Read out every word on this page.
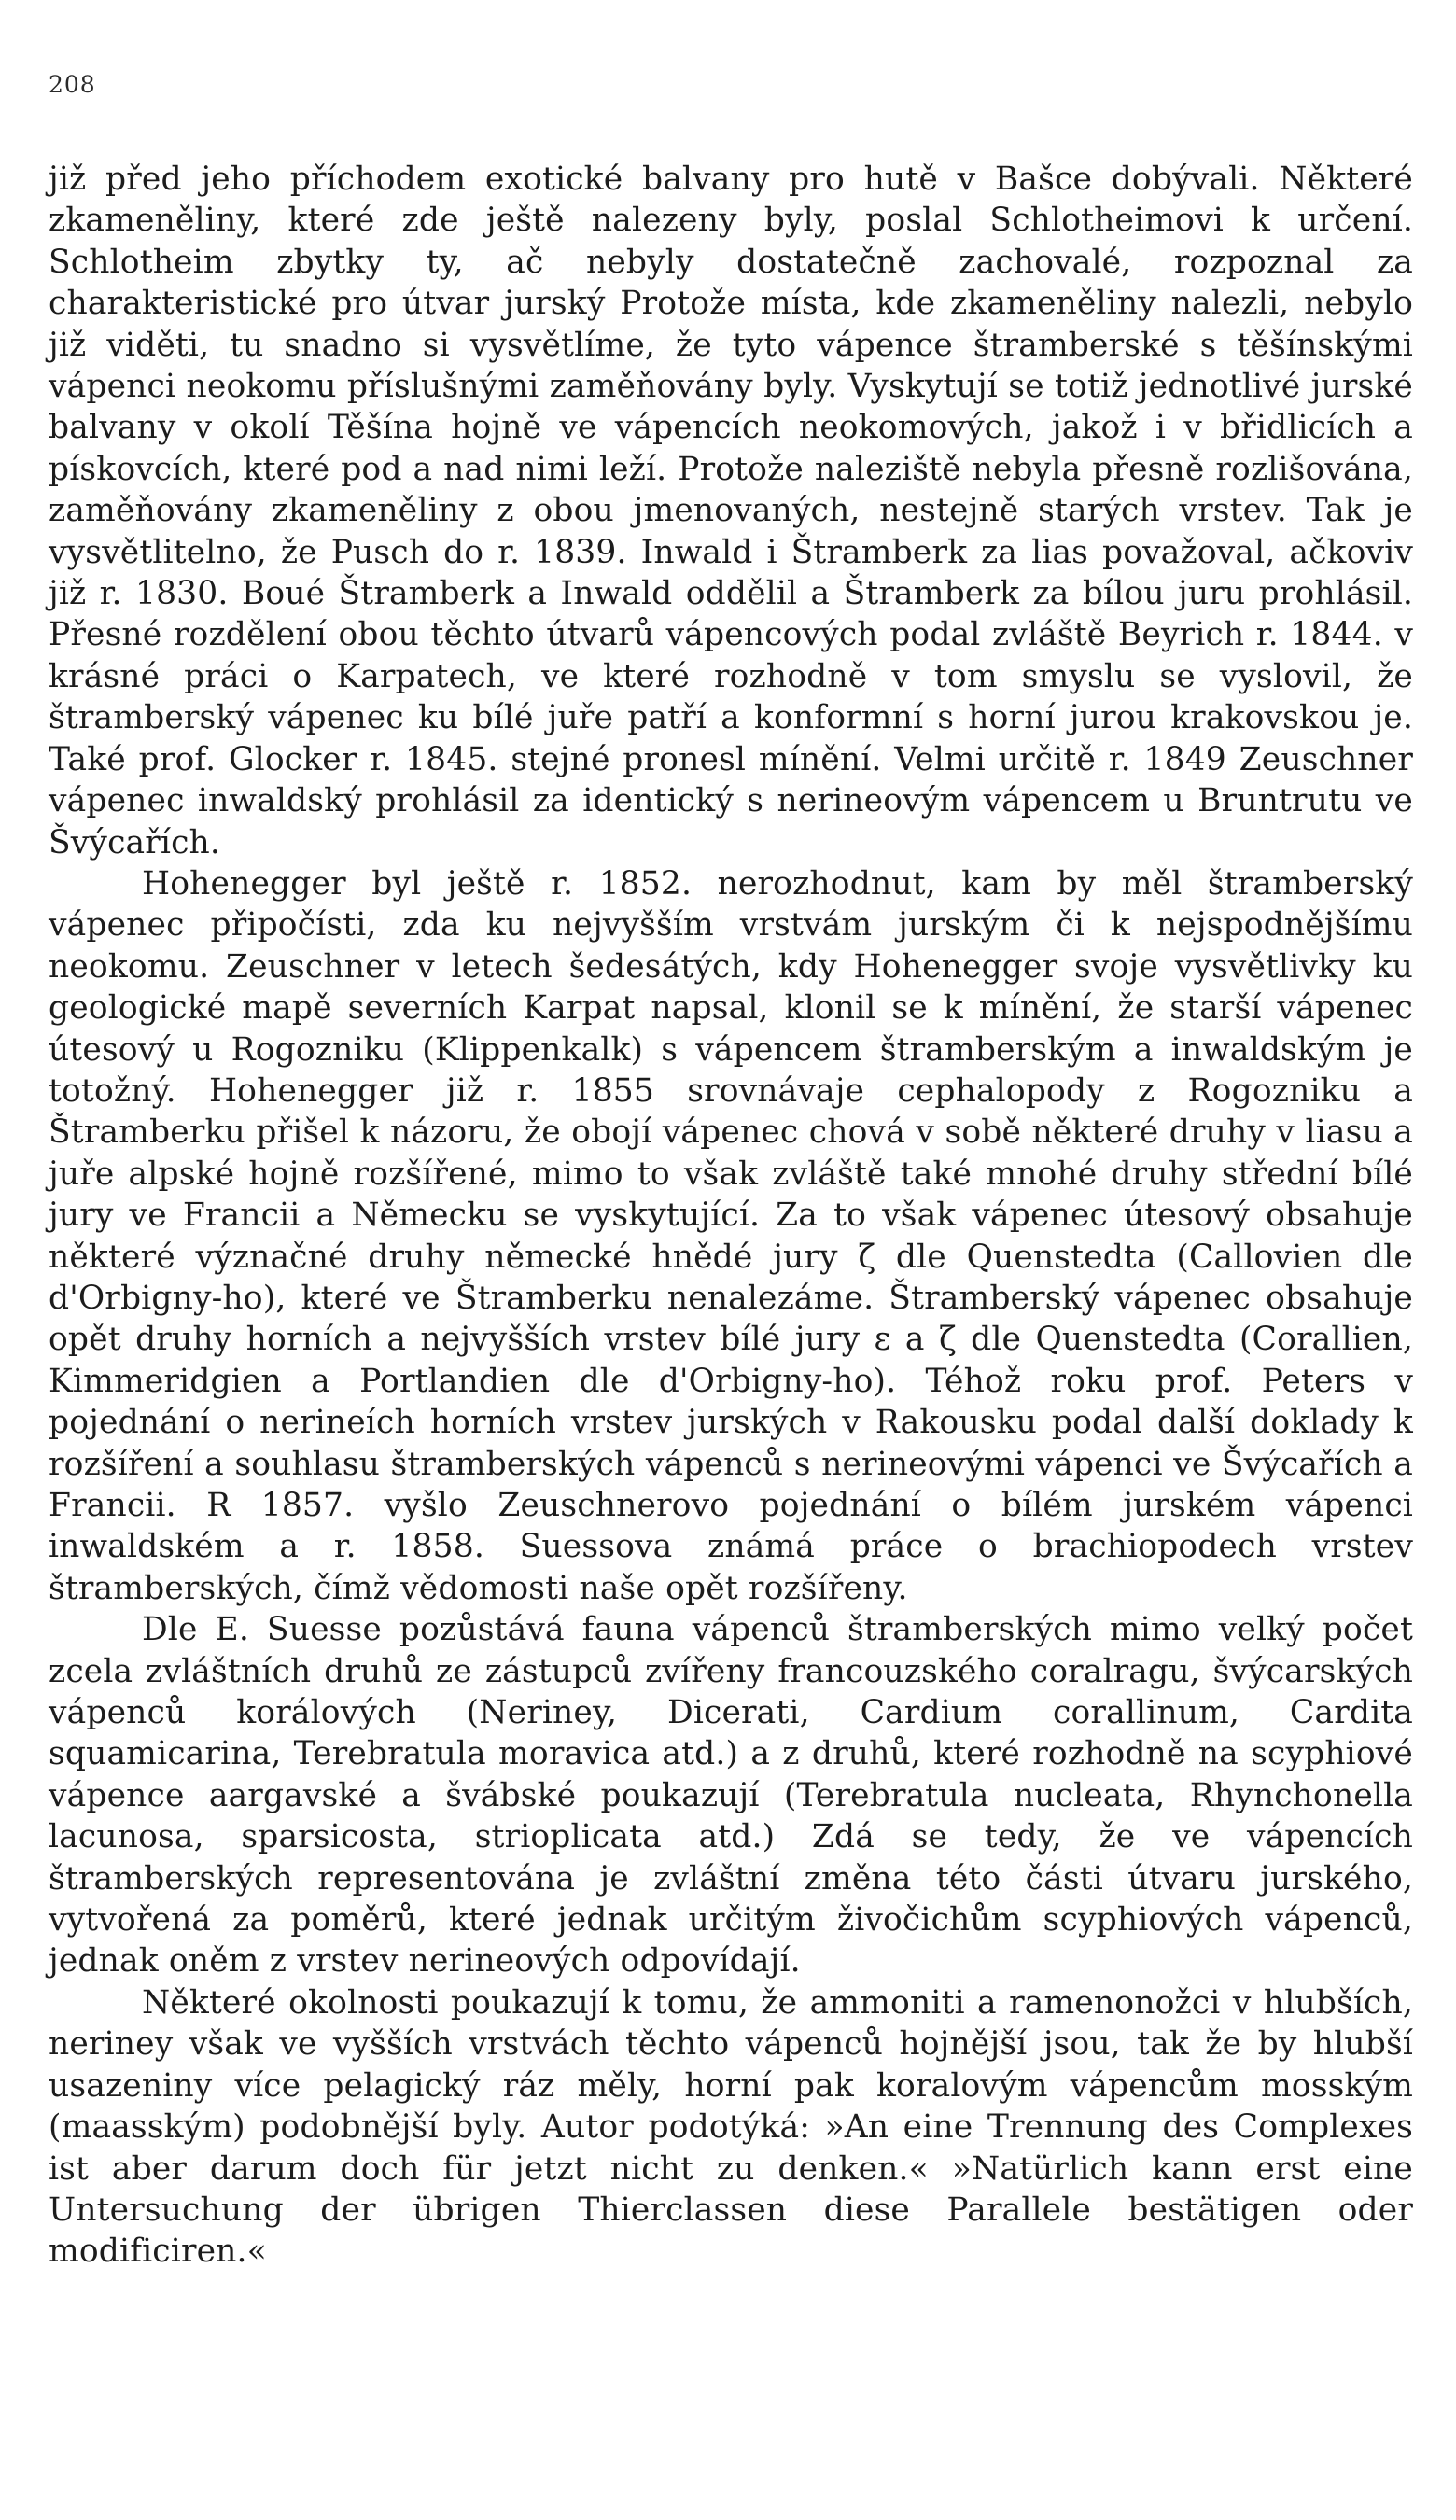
208

již před jeho příchodem exotické balvany pro hutě v Bašce dobývali. Některé zkameněliny, které zde ještě nalezeny byly, poslal Schlotheimovi k určení. Schlotheim zbytky ty, ač nebyly dostatečně zachovalé, rozpoznal za charakteristické pro útvar jurský Protože místa, kde zkameněliny nalezli, nebylo již viděti, tu snadno si vysvětlíme, že tyto vápence štramberské s těšínskými vápenci neokomu příslušnými zaměňovány byly. Vyskytují se totiž jednotlivé jurské balvany v okolí Těšína hojně ve vápencích neokomových, jakož i v břidlicích a pískovcích, které pod a nad nimi leží. Protože naleziště nebyla přesně rozlišována, zaměňovány zkameněliny z obou jmenovaných, nestejně starých vrstev. Tak je vysvětlitelno, že Pusch do r. 1839. Inwald i Štramberk za lias považoval, ačkoviv již r. 1830. Boué Štramberk a Inwald oddělil a Štramberk za bílou juru prohlásil. Přesné rozdělení obou těchto útvarů vápencových podal zvláště Beyrich r. 1844. v krásné práci o Karpatech, ve které rozhodně v tom smyslu se vyslovil, že štramberský vápenec ku bílé juře patří a konformní s horní jurou krakovskou je. Také prof. Glocker r. 1845. stejné pronesl mínění. Velmi určitě r. 1849 Zeuschner vápenec inwaldský prohlásil za identický s nerineovým vápencem u Bruntrutu ve Švýcařích.

Hohenegger byl ještě r. 1852. nerozhodnut, kam by měl štramberský vápenec připočísti, zda ku nejvyšším vrstvám jurským či k nejspodnějšímu neokomu. Zeuschner v letech šedesátých, kdy Hohenegger svoje vysvětlivky ku geologické mapě severních Karpat napsal, klonil se k mínění, že starší vápenec útesový u Rogozniku (Klippenkalk) s vápencem štramberským a inwaldským je totožný. Hohenegger již r. 1855 srovnávaje cephalopody z Rogozniku a Štramberku přišel k názoru, že obojí vápenec chová v sobě některé druhy v liasu a juře alpské hojně rozšířené, mimo to však zvláště také mnohé druhy střední bílé jury ve Francii a Německu se vyskytující. Za to však vápenec útesový obsahuje některé význačné druhy německé hnědé jury ζ dle Quenstedta (Callovien dle d'Orbigny-ho), které ve Štramberku nenalezáme. Štramberský vápenec obsahuje opět druhy horních a nejvyšších vrstev bílé jury ε a ζ dle Quenstedta (Corallien, Kimmeridgien a Portlandien dle d'Orbigny-ho). Téhož roku prof. Peters v pojednání o nerineích horních vrstev jurských v Rakousku podal další doklady k rozšíření a souhlasu štramberských vápenců s nerineovými vápenci ve Švýcařích a Francii. R 1857. vyšlo Zeuschnerovo pojednání o bílém jurském vápenci inwaldském a r. 1858. Suessova známá práce o brachiopodech vrstev štramberských, čímž vědomosti naše opět rozšířeny.

Dle E. Suesse pozůstává fauna vápenců štramberských mimo velký počet zcela zvláštních druhů ze zástupců zvířeny francouzského coralragu, švýcarských vápenců korálových (Neriney, Dicerati, Cardium corallinum, Cardita squamicarina, Terebratula moravica atd.) a z druhů, které rozhodně na scyphiové vápence aargavské a švábské poukazují (Terebratula nucleata, Rhynchonella lacunosa, sparsicosta, strioplicata atd.) Zdá se tedy, že ve vápencích štramberských representována je zvláštní změna této části útvaru jurského, vytvořená za poměrů, které jednak určitým živočichům scyphiových vápenců, jednak oněm z vrstev nerineových odpovídají.

Některé okolnosti poukazují k tomu, že ammoniti a ramenonožci v hlubších, neriney však ve vyšších vrstvách těchto vápenců hojnější jsou, tak že by hlubší usazeniny více pelagický ráz měly, horní pak koralovým vápencům mosským (maasským) podobnější byly. Autor podotýká: »An eine Trennung des Complexes ist aber darum doch für jetzt nicht zu denken.« »Natürlich kann erst eine Untersuchung der übrigen Thierclassen diese Parallele bestätigen oder modificiren.«
